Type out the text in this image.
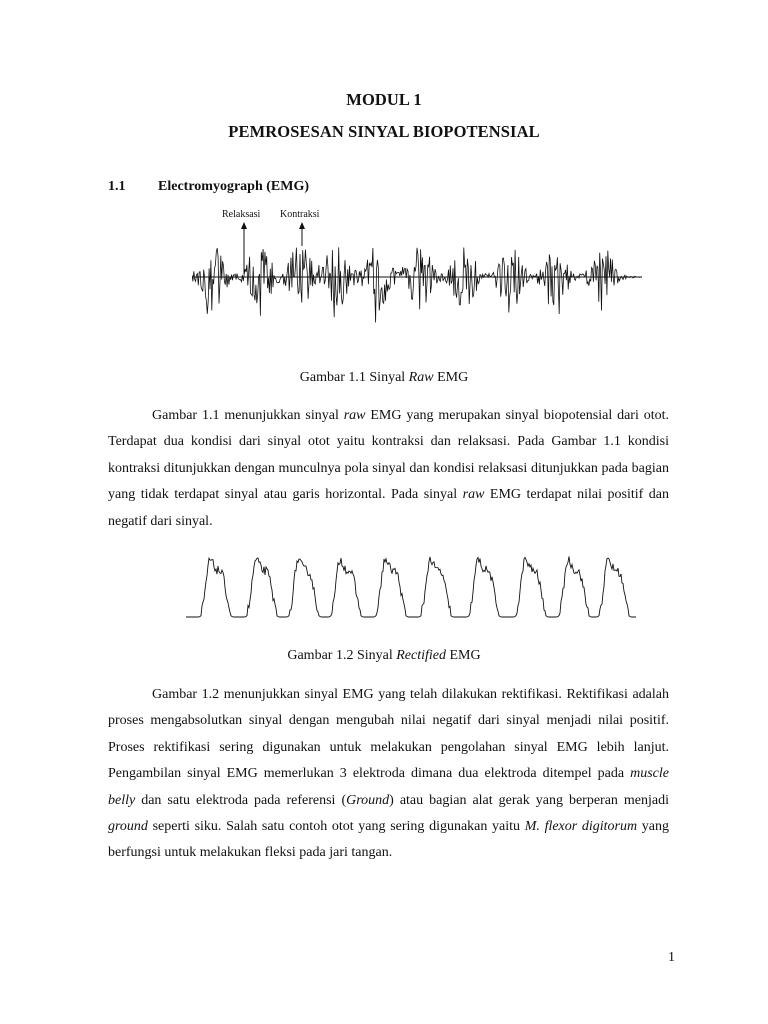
MODUL 1
PEMROSESAN SINYAL BIOPOTENSIAL
1.1 Electromyograph (EMG)
Relaksasi Kontraksi
Gambar 1.1 Sinyal Raw EMG
Gambar 1.1 menunjukkan sinyal raw EMG yang merupakan sinyal biopotensial dari otot. Terdapat dua kondisi dari sinyal otot yaitu kontraksi dan relaksasi. Pada Gambar 1.1 kondisi kontraksi ditunjukkan dengan munculnya pola sinyal dan kondisi relaksasi ditunjukkan pada bagian yang tidak terdapat sinyal atau garis horizontal. Pada sinyal raw EMG terdapat nilai positif dan negatif dari sinyal.
Gambar 1.2 Sinyal Rectified EMG
Gambar 1.2 menunjukkan sinyal EMG yang telah dilakukan rektifikasi. Rektifikasi adalah proses mengabsolutkan sinyal dengan mengubah nilai negatif dari sinyal menjadi nilai positif. Proses rektifikasi sering digunakan untuk melakukan pengolahan sinyal EMG lebih lanjut. Pengambilan sinyal EMG memerlukan 3 elektroda dimana dua elektroda ditempel pada muscle belly dan satu elektroda pada referensi (Ground) atau bagian alat gerak yang berperan menjadi ground seperti siku. Salah satu contoh otot yang sering digunakan yaitu M. flexor digitorum yang berfungsi untuk melakukan fleksi pada jari tangan.
1
